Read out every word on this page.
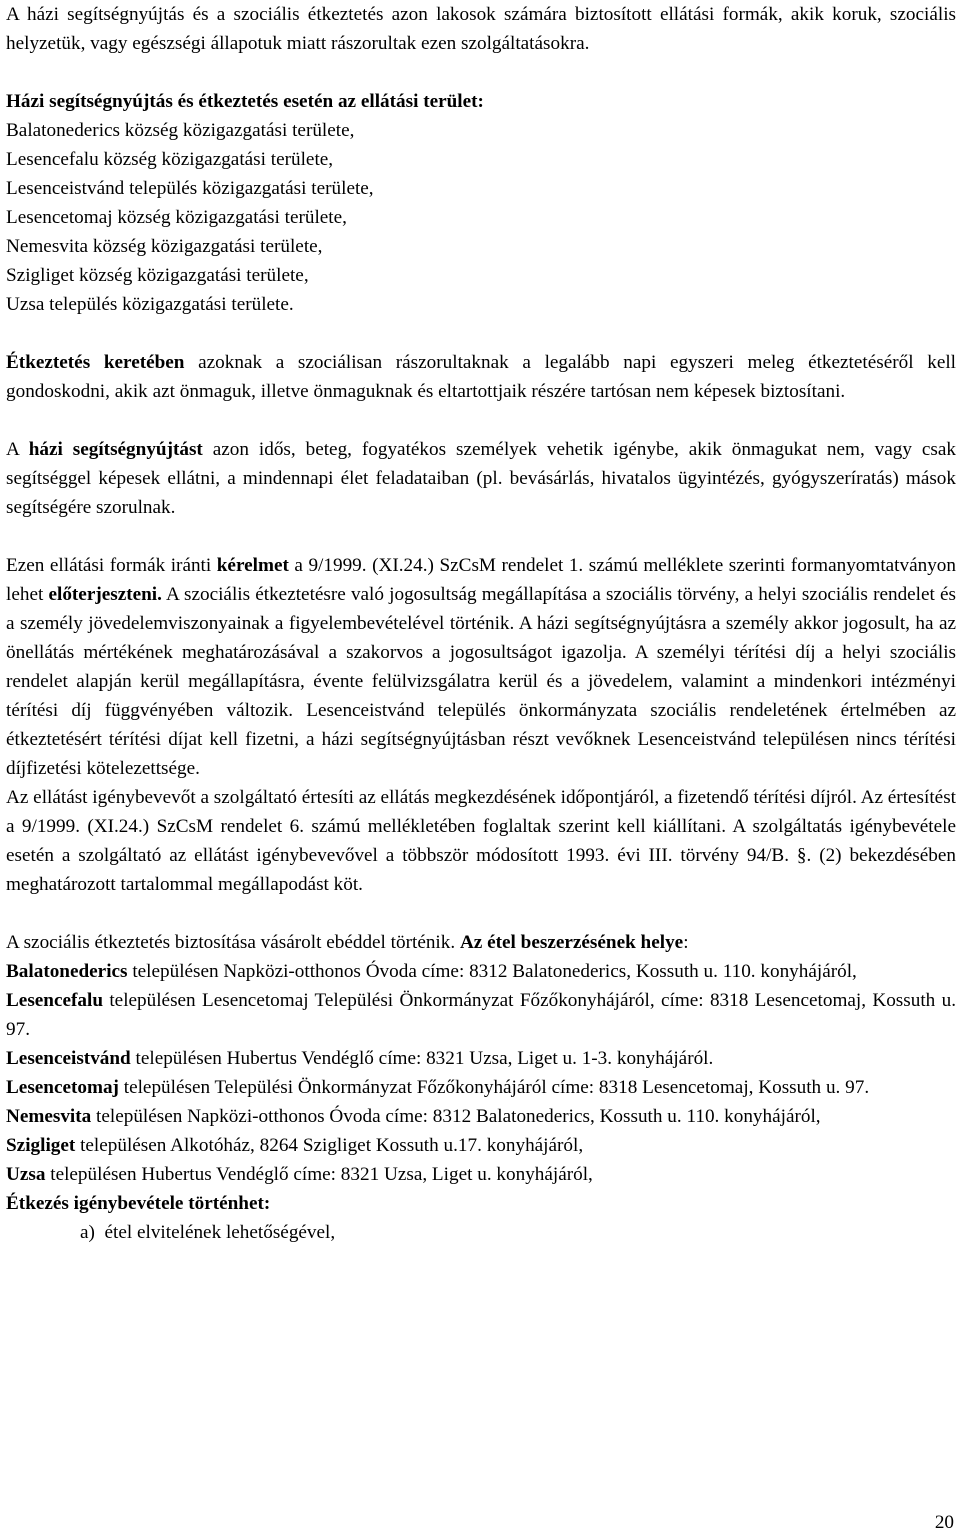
A házi segítségnyújtás és a szociális étkeztetés azon lakosok számára biztosított ellátási formák, akik koruk, szociális helyzetük, vagy egészségi állapotuk miatt rászorultak ezen szolgáltatásokra.

Házi segítségnyújtás és étkeztetés esetén az ellátási terület:

Balatonederics község közigazgatási területe,

Lesencefalu község közigazgatási területe,

Lesenceistvánd település közigazgatási területe,

Lesencetomaj község közigazgatási területe,

Nemesvita község közigazgatási területe,

Szigliget község közigazgatási területe,

Uzsa település közigazgatási területe.

Étkeztetés keretében azoknak a szociálisan rászorultaknak a legalább napi egyszeri meleg étkeztetéséről kell gondoskodni, akik azt önmaguk, illetve önmaguknak és eltartottjaik részére tartósan nem képesek biztosítani.

A házi segítségnyújtást azon idős, beteg, fogyatékos személyek vehetik igénybe, akik önmagukat nem, vagy csak segítséggel képesek ellátni, a mindennapi élet feladataiban (pl. bevásárlás, hivatalos ügyintézés, gyógyszeríratás) mások segítségére szorulnak.

Ezen ellátási formák iránti kérelmet a 9/1999. (XI.24.) SzCsM rendelet 1. számú melléklete szerinti formanyomtatványon lehet előterjeszteni. A szociális étkeztetésre való jogosultság megállapítása a szociális törvény, a helyi szociális rendelet és a személy jövedelemviszonyainak a figyelembevételével történik. A házi segítségnyújtásra a személy akkor jogosult, ha az önellátás mértékének meghatározásával a szakorvos a jogosultságot igazolja. A személyi térítési díj a helyi szociális rendelet alapján kerül megállapításra, évente felülvizsgálatra kerül és a jövedelem, valamint a mindenkori intézményi térítési díj függvényében változik. Lesenceistvánd település önkormányzata szociális rendeletének értelmében az étkeztetésért térítési díjat kell fizetni, a házi segítségnyújtásban részt vevőknek Lesenceistvánd településen nincs térítési díjfizetési kötelezettsége.

Az ellátást igénybevevőt a szolgáltató értesíti az ellátás megkezdésének időpontjáról, a fizetendő térítési díjról. Az értesítést a 9/1999. (XI.24.) SzCsM rendelet 6. számú mellékletében foglaltak szerint kell kiállítani. A szolgáltatás igénybevétele esetén a szolgáltató az ellátást igénybevevővel a többször módosított 1993. évi III. törvény 94/B. §. (2) bekezdésében meghatározott tartalommal megállapodást köt.

A szociális étkeztetés biztosítása vásárolt ebéddel történik. Az étel beszerzésének helye:

Balatonederics településen Napközi-otthonos Óvoda címe: 8312 Balatonederics, Kossuth u. 110. konyhájáról,

Lesencefalu településen Lesencetomaj Települési Önkormányzat Főzőkonyhájáról, címe: 8318 Lesencetomaj, Kossuth u. 97.

Lesenceistvánd településen Hubertus Vendéglő címe: 8321 Uzsa, Liget u. 1-3. konyhájáról.

Lesencetomaj településen Települési Önkormányzat Főzőkonyhájáról címe: 8318 Lesencetomaj, Kossuth u. 97.

Nemesvita településen Napközi-otthonos Óvoda címe: 8312 Balatonederics, Kossuth u. 110. konyhájáról,

Szigliget településen Alkotóház, 8264 Szigliget Kossuth u.17. konyhájáról,

Uzsa településen Hubertus Vendéglő címe: 8321 Uzsa, Liget u. konyhájáról,

Étkezés igénybevétele történhet:

a) étel elvitelének lehetőségével,

20
